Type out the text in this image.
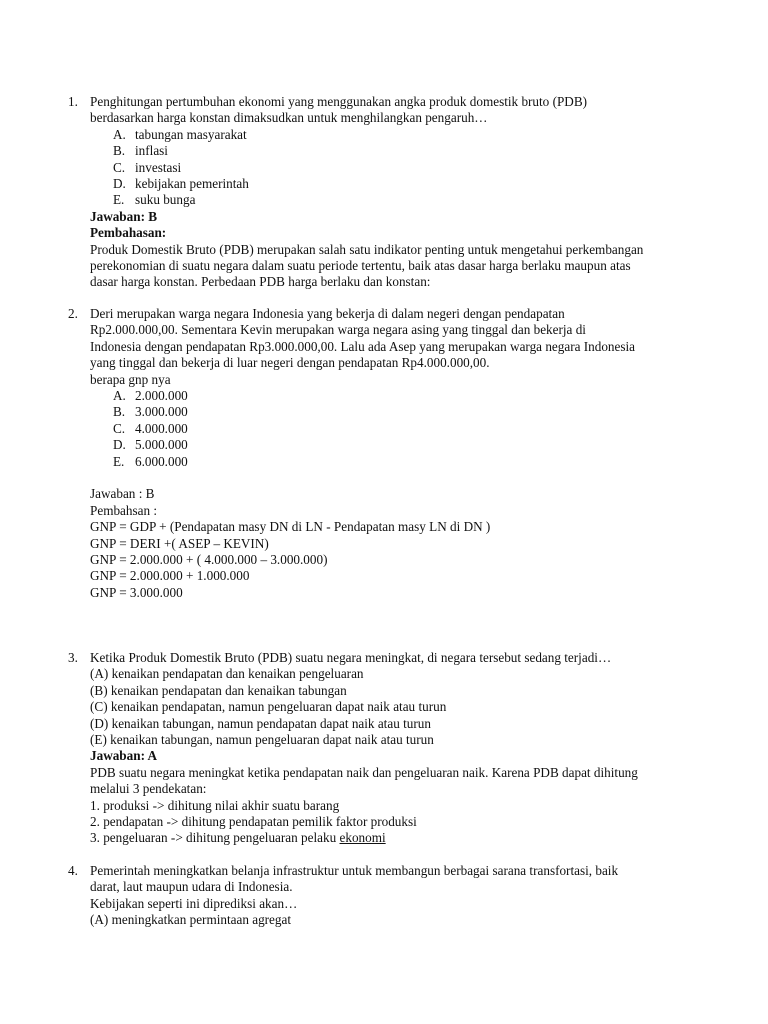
1. Penghitungan pertumbuhan ekonomi yang menggunakan angka produk domestik bruto (PDB)
berdasarkan harga konstan dimaksudkan untuk menghilangkan pengaruh…
A. tabungan masyarakat
B. inflasi
C. investasi
D. kebijakan pemerintah
E. suku bunga
Jawaban: B
Pembahasan:
Produk Domestik Bruto (PDB) merupakan salah satu indikator penting untuk mengetahui perkembangan
perekonomian di suatu negara dalam suatu periode tertentu, baik atas dasar harga berlaku maupun atas
dasar harga konstan. Perbedaan PDB harga berlaku dan konstan:
2. Deri merupakan warga negara Indonesia yang bekerja di dalam negeri dengan pendapatan
Rp2.000.000,00. Sementara Kevin merupakan warga negara asing yang tinggal dan bekerja di
Indonesia dengan pendapatan Rp3.000.000,00. Lalu ada Asep yang merupakan warga negara Indonesia
yang tinggal dan bekerja di luar negeri dengan pendapatan Rp4.000.000,00.
berapa gnp nya
A. 2.000.000
B. 3.000.000
C. 4.000.000
D. 5.000.000
E. 6.000.000
Jawaban : B
Pembahsan :
GNP = GDP + (Pendapatan masy DN di LN - Pendapatan masy LN di DN )
GNP = DERI +( ASEP – KEVIN)
GNP = 2.000.000 + ( 4.000.000 – 3.000.000)
GNP = 2.000.000 + 1.000.000
GNP = 3.000.000
3. Ketika Produk Domestik Bruto (PDB) suatu negara meningkat, di negara tersebut sedang terjadi…
(A) kenaikan pendapatan dan kenaikan pengeluaran
(B) kenaikan pendapatan dan kenaikan tabungan
(C) kenaikan pendapatan, namun pengeluaran dapat naik atau turun
(D) kenaikan tabungan, namun pendapatan dapat naik atau turun
(E) kenaikan tabungan, namun pengeluaran dapat naik atau turun
Jawaban: A
PDB suatu negara meningkat ketika pendapatan naik dan pengeluaran naik. Karena PDB dapat dihitung
melalui 3 pendekatan:
1. produksi -> dihitung nilai akhir suatu barang
2. pendapatan -> dihitung pendapatan pemilik faktor produksi
3. pengeluaran -> dihitung pengeluaran pelaku ekonomi
4. Pemerintah meningkatkan belanja infrastruktur untuk membangun berbagai sarana transfortasi, baik
darat, laut maupun udara di Indonesia.
Kebijakan seperti ini diprediksi akan…
(A) meningkatkan permintaan agregat
